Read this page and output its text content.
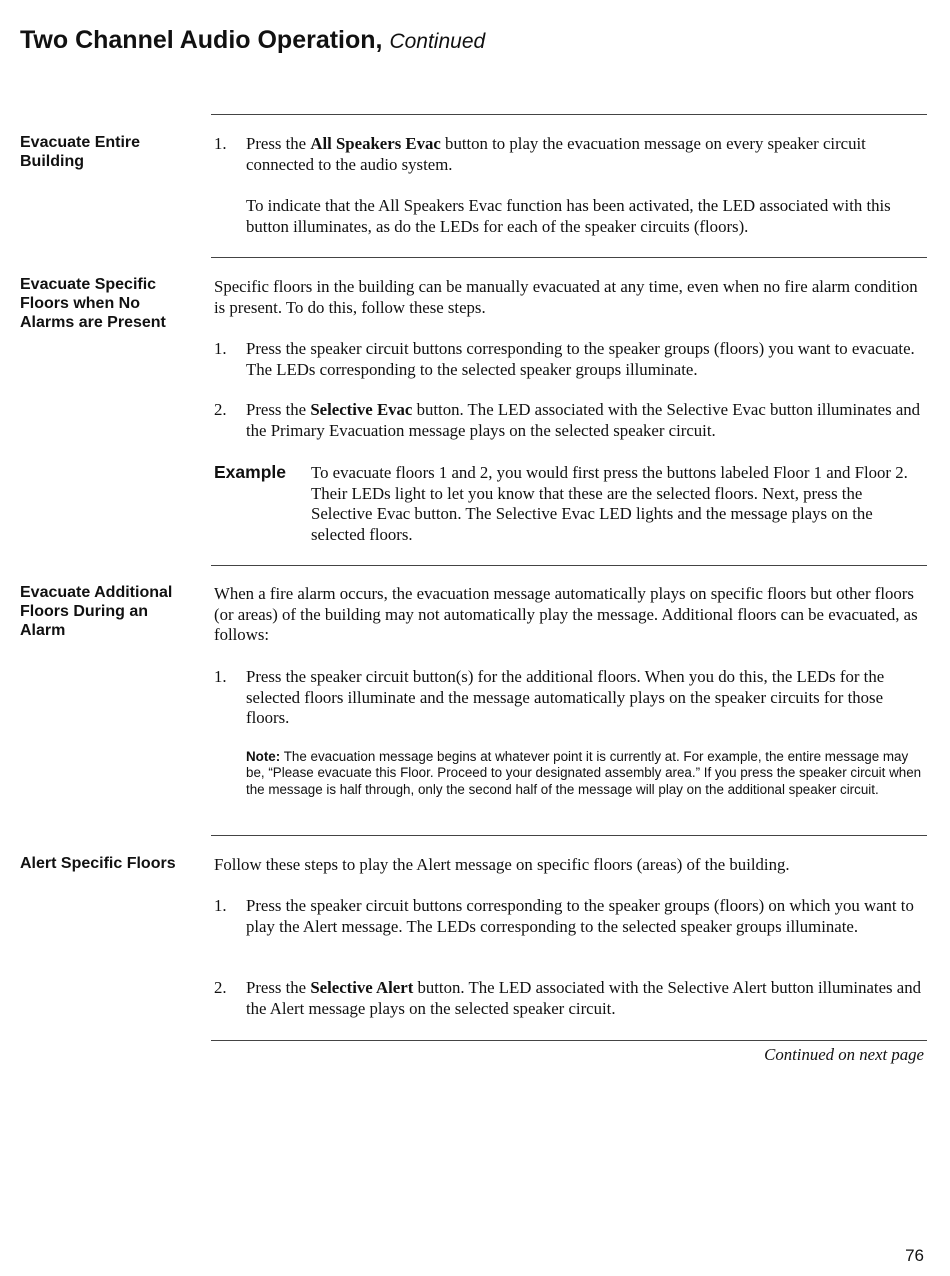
Two Channel Audio Operation, Continued
Evacuate Entire Building
1. Press the All Speakers Evac button to play the evacuation message on every speaker circuit connected to the audio system.
To indicate that the All Speakers Evac function has been activated, the LED associated with this button illuminates, as do the LEDs for each of the speaker circuits (floors).
Evacuate Specific Floors when No Alarms are Present
Specific floors in the building can be manually evacuated at any time, even when no fire alarm condition is present. To do this, follow these steps.
1. Press the speaker circuit buttons corresponding to the speaker groups (floors) you want to evacuate. The LEDs corresponding to the selected speaker groups illuminate.
2. Press the Selective Evac button. The LED associated with the Selective Evac button illuminates and the Primary Evacuation message plays on the selected speaker circuit.
Example To evacuate floors 1 and 2, you would first press the buttons labeled Floor 1 and Floor 2. Their LEDs light to let you know that these are the selected floors. Next, press the Selective Evac button. The Selective Evac LED lights and the message plays on the selected floors.
Evacuate Additional Floors During an Alarm
When a fire alarm occurs, the evacuation message automatically plays on specific floors but other floors (or areas) of the building may not automatically play the message. Additional floors can be evacuated, as follows:
1. Press the speaker circuit button(s) for the additional floors. When you do this, the LEDs for the selected floors illuminate and the message automatically plays on the speaker circuits for those floors.
Note: The evacuation message begins at whatever point it is currently at. For example, the entire message may be, “Please evacuate this Floor. Proceed to your designated assembly area.” If you press the speaker circuit when the message is half through, only the second half of the message will play on the additional speaker circuit.
Alert Specific Floors	Follow these steps to play the Alert message on specific floors (areas) of the building.
1. Press the speaker circuit buttons corresponding to the speaker groups (floors) on which you want to play the Alert message. The LEDs corresponding to the selected speaker groups illuminate.
2. Press the Selective Alert button. The LED associated with the Selective Alert button illuminates and the Alert message plays on the selected speaker circuit.
Continued on next page
76
